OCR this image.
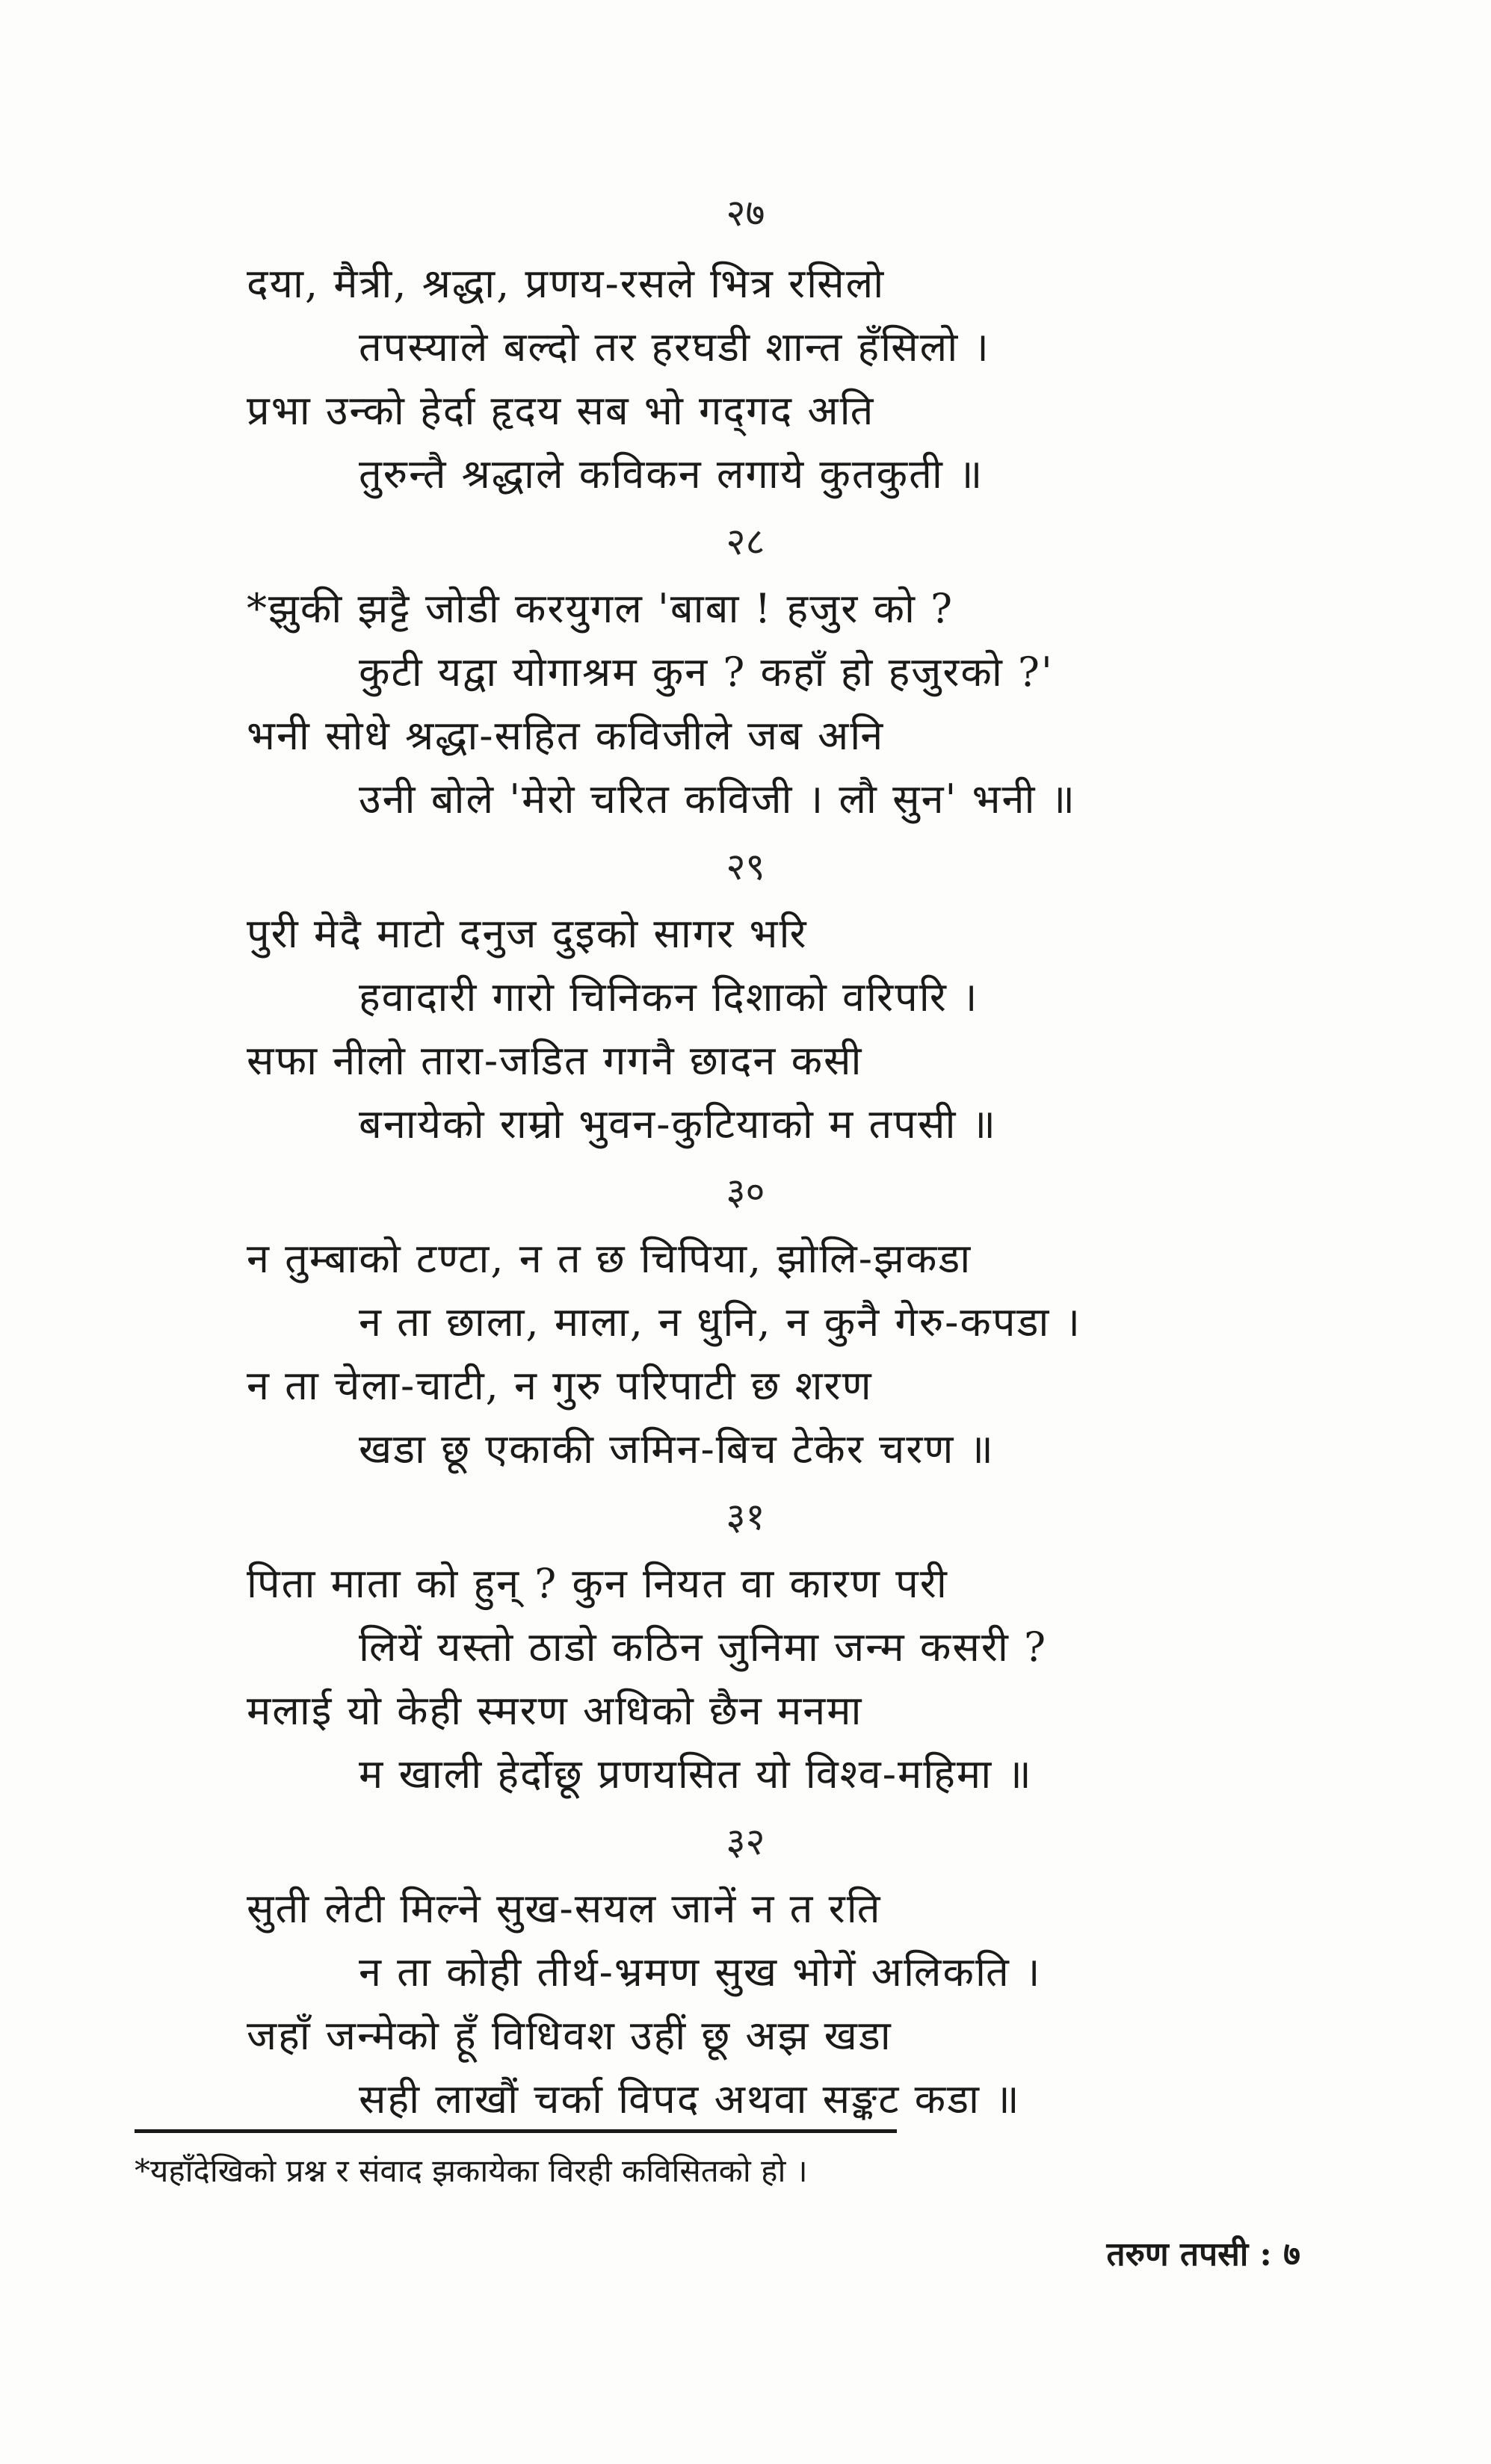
२७
दया, मैत्री, श्रद्धा, प्रणय-रसले भित्र रसिलो
तपस्याले बल्दो तर हरघडी शान्त हँसिलो ।
प्रभा उन्को हेर्दा हृदय सब भो गद्‍गद अति
तुरुन्तै श्रद्धाले कविकन लगाये कुतकुती ॥
२८
*झुकी झट्टै जोडी करयुगल 'बाबा ! हजुर को ?
कुटी यद्वा योगाश्रम कुन ? कहाँ हो हजुरको ?'
भनी सोधे श्रद्धा-सहित कविजीले जब अनि
उनी बोले 'मेरो चरित कविजी । लौ सुन' भनी ॥
२९
पुरी मेदै माटो दनुज दुइको सागर भरि
हवादारी गारो चिनिकन दिशाको वरिपरि ।
सफा नीलो तारा-जडित गगनै छादन कसी
बनायेको राम्रो भुवन-कुटियाको म तपसी ॥
३०
न तुम्बाको टण्टा, न त छ चिपिया, झोलि-झकडा
न ता छाला, माला, न धुनि, न कुनै गेरु-कपडा ।
न ता चेला-चाटी, न गुरु परिपाटी छ शरण
खडा छू एकाकी जमिन-बिच टेकेर चरण ॥
३१
पिता माता को हुन् ? कुन नियत वा कारण परी
लियें यस्तो ठाडो कठिन जुनिमा जन्म कसरी ?
मलाई यो केही स्मरण अधिको छैन मनमा
म खाली हेर्दोछू प्रणयसित यो विश्व-महिमा ॥
३२
सुती लेटी मिल्ने सुख-सयल जानें न त रति
न ता कोही तीर्थ-भ्रमण सुख भोगें अलिकति ।
जहाँ जन्मेको हूँ विधिवश उहीं छू अझ खडा
सही लाखौं चर्का विपद अथवा सङ्कट कडा ॥
*यहाँदेखिको प्रश्न र संवाद झकायेका विरही कविसितको हो ।
तरुण तपसी : ७
